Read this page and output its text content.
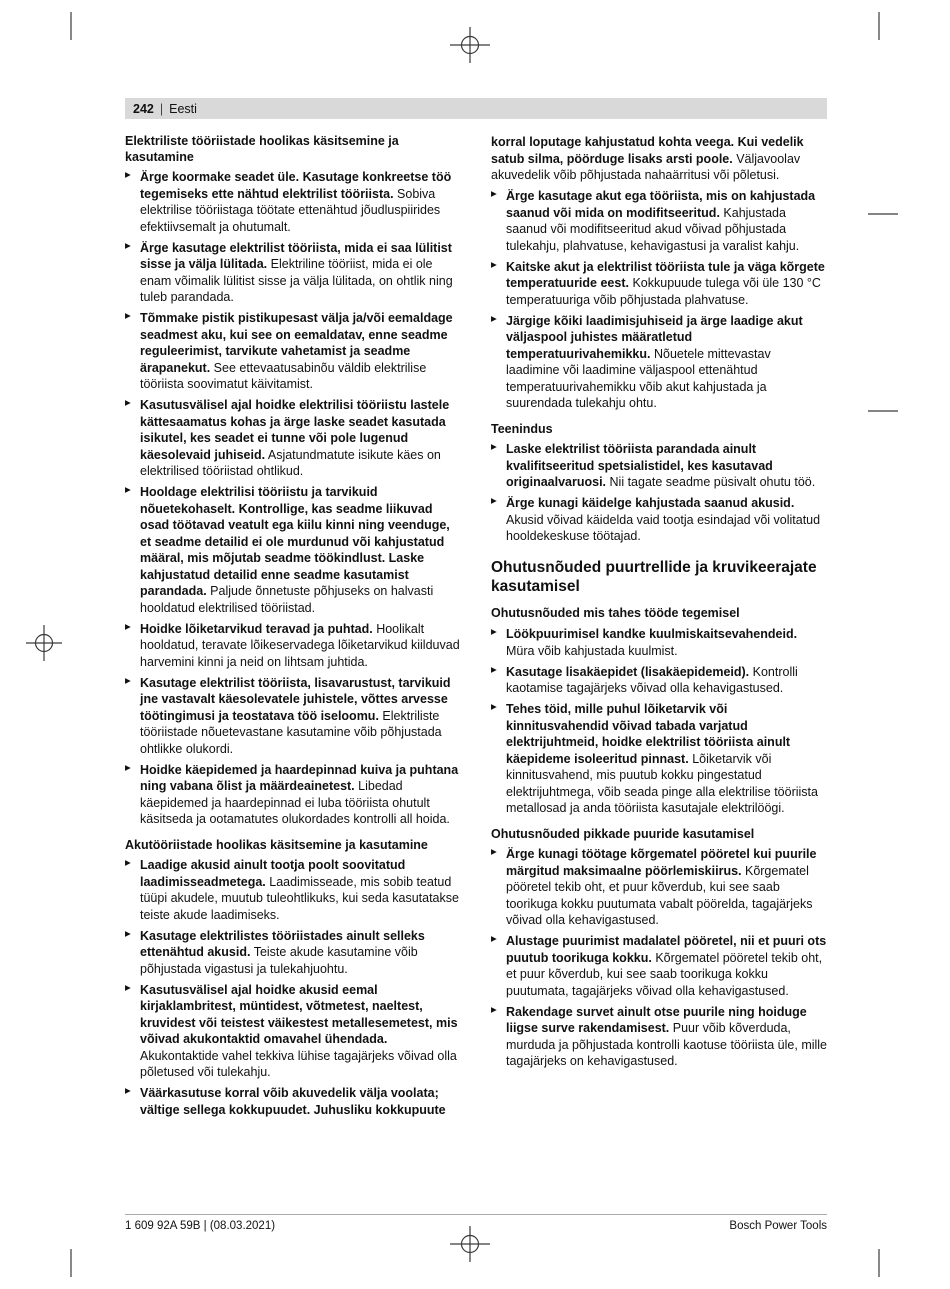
242 | Eesti
Elektriliste tööriistade hoolikas käsitsemine ja kasutamine
▶ Ärge koormake seadet üle. Kasutage konkreetse töö tegemiseks ette nähtud elektrilist tööriista. Sobiva elektrilise tööriistaga töötate ettenähtud jõudluspiirides efektiivsemalt ja ohutumalt.
▶ Ärge kasutage elektrilist tööriista, mida ei saa lülitist sisse ja välja lülitada. Elektriline tööriist, mida ei ole enam võimalik lülitist sisse ja välja lülitada, on ohtlik ning tuleb parandada.
▶ Tõmmake pistik pistikupesast välja ja/või eemaldage seadmest aku, kui see on eemaldatav, enne seadme reguleerimist, tarvikute vahetamist ja seadme ärapanekut. See ettevaatusabinõu väldib elektrilise tööriista soovimatut käivitamist.
▶ Kasutusvälisel ajal hoidke elektrilisi tööriistu lastele kättesaamatus kohas ja ärge laske seadet kasutada isikutel, kes seadet ei tunne või pole lugenud käesolevaid juhiseid. Asjatundmatute isikute käes on elektrilised tööriistad ohtlikud.
▶ Hooldage elektrilisi tööriistu ja tarvikuid nõuetekohaselt. Kontrollige, kas seadme liikuvad osad töötavad veatult ega kiilu kinni ning veenduge, et seadme detailid ei ole murdunud või kahjustatud määral, mis mõjutab seadme töökindlust. Laske kahjustatud detailid enne seadme kasutamist parandada. Paljude õnnetuste põhjuseks on halvasti hooldatud elektrilised tööriistad.
▶ Hoidke lõiketarvikud teravad ja puhtad. Hoolikalt hooldatud, teravate lõikeservadega lõiketarvikud kiilduvad harvemini kinni ja neid on lihtsam juhtida.
▶ Kasutage elektrilist tööriista, lisavarustust, tarvikuid jne vastavalt käesolevatele juhistele, võttes arvesse töötingimusi ja teostatava töö iseloomu. Elektriliste tööriistade nõuetevastane kasutamine võib põhjustada ohtlikke olukordi.
▶ Hoidke käepidemed ja haardepinnad kuiva ja puhtana ning vabana õlist ja määrdeainetest. Libedad käepidemed ja haardepinnad ei luba tööriista ohutult käsitseda ja ootamatutes olukordades kontrolli all hoida.
Akutööriistade hoolikas käsitsemine ja kasutamine
▶ Laadige akusid ainult tootja poolt soovitatud laadimisseadmetega. Laadimisseade, mis sobib teatud tüüpi akudele, muutub tuleohtlikuks, kui seda kasutatakse teiste akude laadimiseks.
▶ Kasutage elektrilistes tööriistades ainult selleks ettenähtud akusid. Teiste akude kasutamine võib põhjustada vigastusi ja tulekahjuohtu.
▶ Kasutusvälisel ajal hoidke akusid eemal kirjaklambritest, müntidest, võtmetest, naeltest, kruvidest või teistest väikestest metallesemetest, mis võivad akukontaktid omavahel ühendada. Akukontaktide vahel tekkiva lühise tagajärjeks võivad olla põletused või tulekahju.
▶ Väärkasutuse korral võib akuvedelik välja voolata; vältige sellega kokkupuudet. Juhusliku kokkupuute
korral loputage kahjustatud kohta veega. Kui vedelik satub silma, pöörduge lisaks arsti poole. Väljavoolav akuvedelik võib põhjustada nahaärritusi või põletusi.
▶ Ärge kasutage akut ega tööriista, mis on kahjustada saanud või mida on modifitseeritud. Kahjustada saanud või modifitseeritud akud võivad põhjustada tulekahju, plahvatuse, kehavigastusi ja varalist kahju.
▶ Kaitske akut ja elektrilist tööriista tule ja väga kõrgete temperatuuride eest. Kokkupuude tulega või üle 130 °C temperatuuriga võib põhjustada plahvatuse.
▶ Järgige kõiki laadimisjuhiseid ja ärge laadige akut väljaspool juhistes määratletud temperatuurivahemikku. Nõuetele mittevastav laadimine või laadimine väljaspool ettenähtud temperatuurivahemikku võib akut kahjustada ja suurendada tulekahju ohtu.
Teenindus
▶ Laske elektrilist tööriista parandada ainult kvalifitseeritud spetsialistidel, kes kasutavad originaalvaruosi. Nii tagate seadme püsivalt ohutu töö.
▶ Ärge kunagi käidelge kahjustada saanud akusid. Akusid võivad käidelda vaid tootja esindajad või volitatud hooldekeskuse töötajad.
Ohutusnõuded puurtrellide ja kruvikeerajate kasutamisel
Ohutusnõuded mis tahes tööde tegemisel
▶ Löökpuurimisel kandke kuulmiskaitsevahendeid. Müra võib kahjustada kuulmist.
▶ Kasutage lisakäepidet (lisakäepidemeid). Kontrolli kaotamise tagajärjeks võivad olla kehavigastused.
▶ Tehes töid, mille puhul lõiketarvik või kinnitusvahendid võivad tabada varjatud elektrijuhtmeid, hoidke elektrilist tööriista ainult käepideme isoleeritud pinnast. Lõiketarvik või kinnitusvahend, mis puutub kokku pingestatud elektrijuhtmega, võib seada pinge alla elektrilise tööriista metallosad ja anda tööriista kasutajale elektrilöögi.
Ohutusnõuded pikkade puuride kasutamisel
▶ Ärge kunagi töötage kõrgematel pööretel kui puurile märgitud maksimaalne pöörlemiskiirus. Kõrgematel pööretel tekib oht, et puur kõverdub, kui see saab toorikuga kokku puutumata vabalt pöörelda, tagajärjeks võivad olla kehavigastused.
▶ Alustage puurimist madalatel pööretel, nii et puuri ots puutub toorikuga kokku. Kõrgematel pööretel tekib oht, et puur kõverdub, kui see saab toorikuga kokku puutumata, tagajärjeks võivad olla kehavigastused.
▶ Rakendage survet ainult otse puurile ning hoiduge liigse surve rakendamisest. Puur võib kõverduda, murduda ja põhjustada kontrolli kaotuse tööriista üle, mille tagajärjeks on kehavigastused.
1 609 92A 59B | (08.03.2021)	Bosch Power Tools
